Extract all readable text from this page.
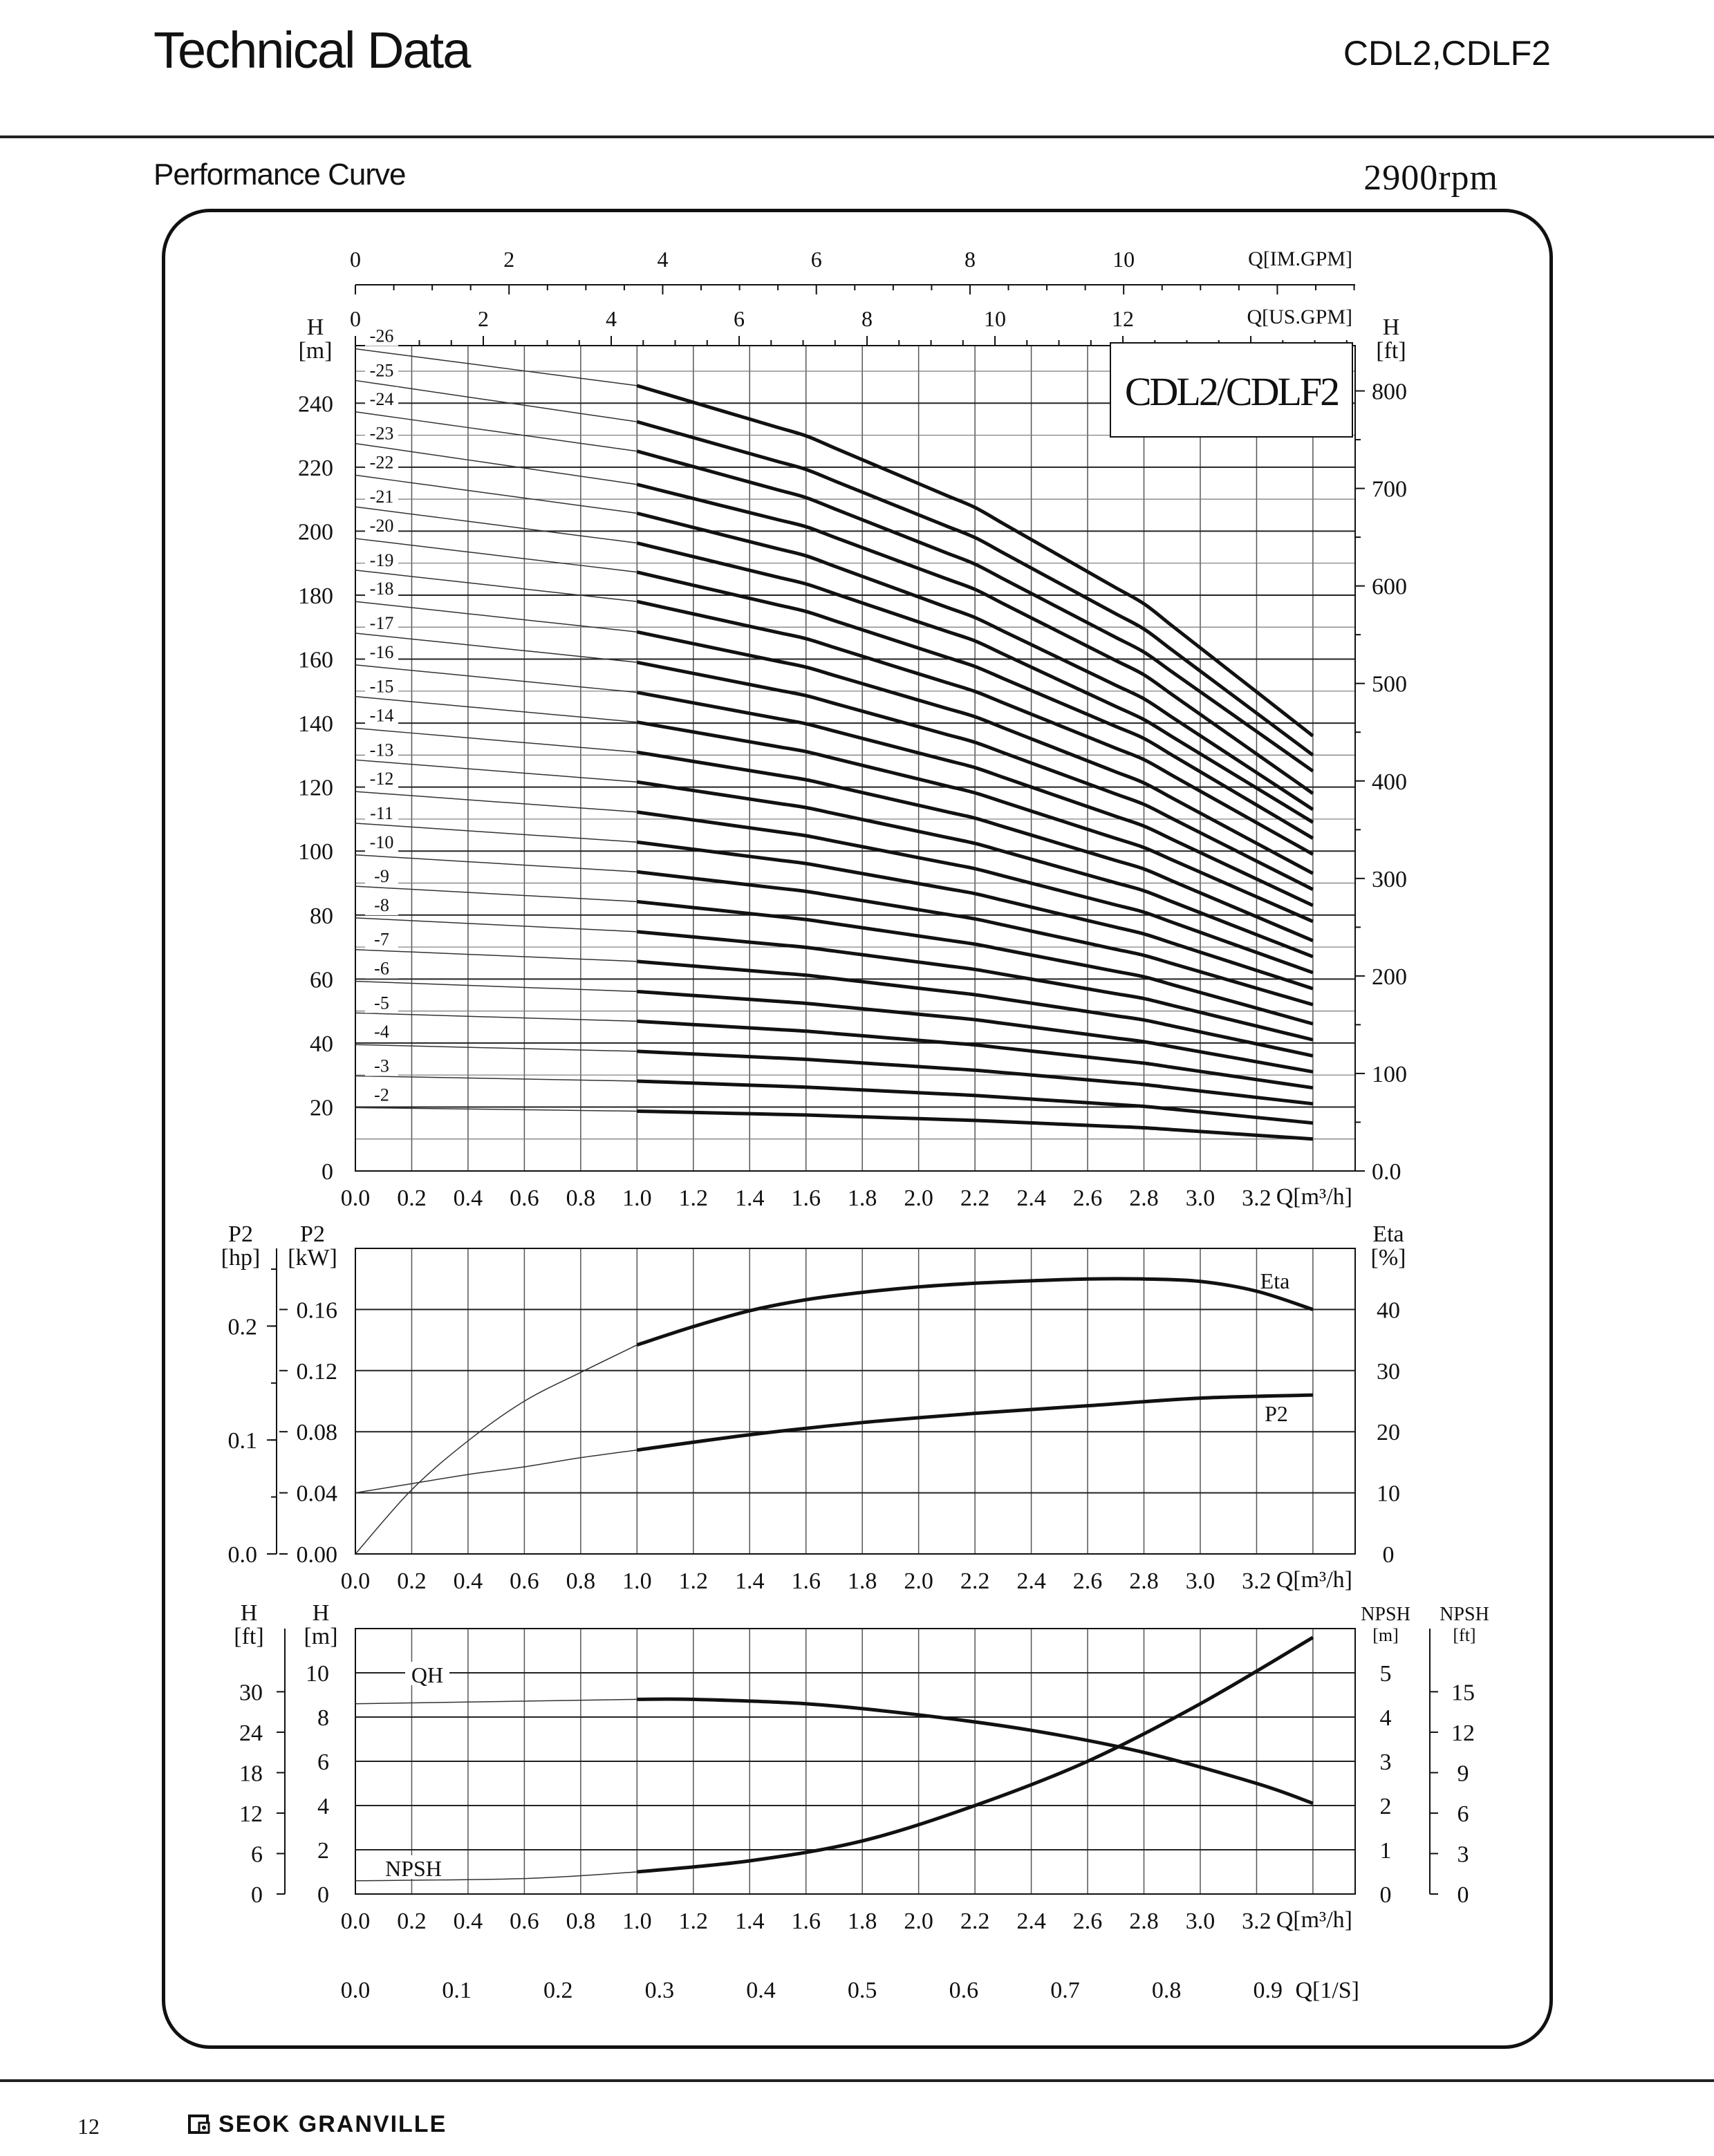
Technical Data	CDL2,CDLF2
Performance Curve	2900rpm
0	2	4	6	8	10	Q[IM.GPM]
0	2	4	6	8	10	12	Q[US.GPM]
H
[m]
0
20
40
60
80
100
120
140
160
180
200
220
240
H
[ft]
0.0
100
200
300
400
500
600
700
800
0.0 0.2 0.4 0.6 0.8 1.0 1.2 1.4 1.6 1.8 2.0 2.2 2.4 2.6 2.8 3.0 3.2 Q[m³/h]
CDL2/CDLF2
-26
-25
-24
-23
-22
-21
-20
-19
-18
-17
-16
-15
-14
-13
-12
-11
-10
-9
-8
-7
-6
-5
-4
-3
-2
P2
[hp]
P2
[kW]
0.0
0.1
0.2
0.00
0.04
0.08
0.12
0.16
Eta
[%]
0
10
20
30
40
0.0 0.2 0.4 0.6 0.8 1.0 1.2 1.4 1.6 1.8 2.0 2.2 2.4 2.6 2.8 3.0 3.2 Q[m³/h]
Eta
P2
H
[ft]
H
[m]
0
6
12
18
24
30
0
2
4
6
8
10
NPSH
[m]
NPSH
[ft]
0
1
2
3
4
5
0
3
6
9
12
15
0.0 0.2 0.4 0.6 0.8 1.0 1.2 1.4 1.6 1.8 2.0 2.2 2.4 2.6 2.8 3.0 3.2 Q[m³/h]
QH
NPSH
0.0	0.1	0.2	0.3	0.4	0.5	0.6	0.7	0.8	0.9 Q[1/S]
12	SEOK GRANVILLE
